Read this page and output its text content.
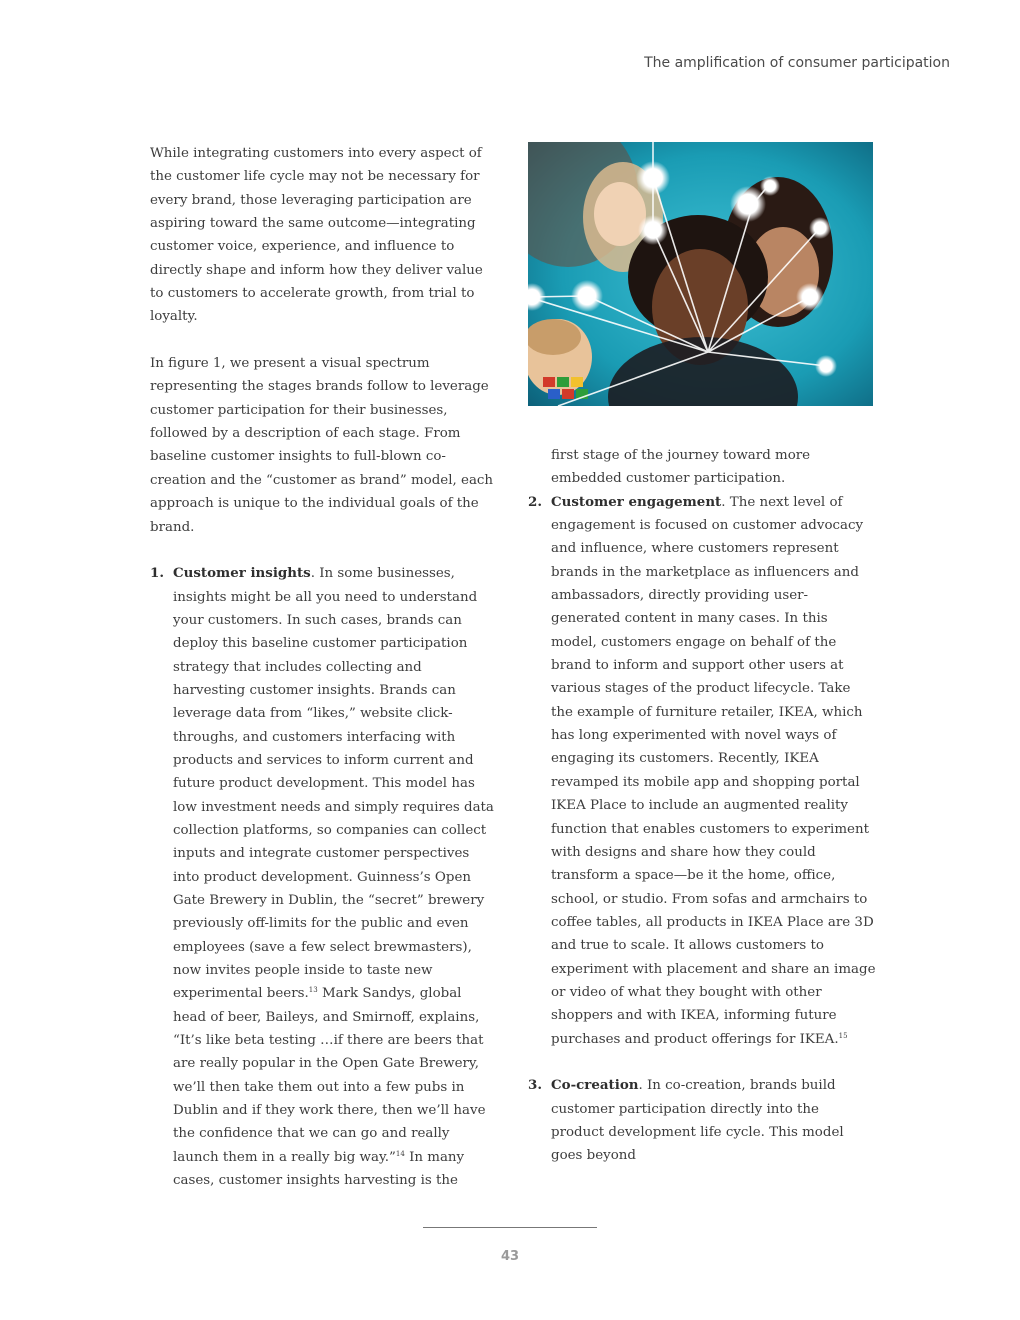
The amplification of consumer participation

While integrating customers into every aspect of the customer life cycle may not be necessary for every brand, those leveraging participation are aspiring toward the same outcome—integrating customer voice, experience, and influence to directly shape and inform how they deliver value to customers to accelerate growth, from trial to loyalty.

In figure 1, we present a visual spectrum representing the stages brands follow to leverage customer participation for their businesses, followed by a description of each stage. From baseline customer insights to full-blown co-creation and the “customer as brand” model, each approach is unique to the individual goals of the brand.

1. Customer insights. In some businesses, insights might be all you need to understand your customers. In such cases, brands can deploy this baseline customer participation strategy that includes collecting and harvesting customer insights. Brands can leverage data from “likes,” website click-throughs, and customers interfacing with products and services to inform current and future product development. This model has low investment needs and simply requires data collection platforms, so companies can collect inputs and integrate customer perspectives into product development. Guinness’s Open Gate Brewery in Dublin, the “secret” brewery previously off-limits for the public and even employees (save a few select brewmasters), now invites people inside to taste new experimental beers.$^{13}$ Mark Sandys, global head of beer, Baileys, and Smirnoff, explains, “It’s like beta testing …if there are beers that are really popular in the Open Gate Brewery, we’ll then take them out into a few pubs in Dublin and if they work there, then we’ll have the confidence that we can go and really launch them in a really big way.”$^{14}$ In many cases, customer insights harvesting is the

first stage of the journey toward more embedded customer participation.

2. Customer engagement. The next level of engagement is focused on customer advocacy and influence, where customers represent brands in the marketplace as influencers and ambassadors, directly providing user-generated content in many cases. In this model, customers engage on behalf of the brand to inform and support other users at various stages of the product lifecycle. Take the example of furniture retailer, IKEA, which has long experimented with novel ways of engaging its customers. Recently, IKEA revamped its mobile app and shopping portal IKEA Place to include an augmented reality function that enables customers to experiment with designs and share how they could transform a space—be it the home, office, school, or studio. From sofas and armchairs to coffee tables, all products in IKEA Place are 3D and true to scale. It allows customers to experiment with placement and share an image or video of what they bought with other shoppers and with IKEA, informing future purchases and product offerings for IKEA.$^{15}$
3. Co-creation. In co-creation, brands build customer participation directly into the product development life cycle. This model goes beyond
43
